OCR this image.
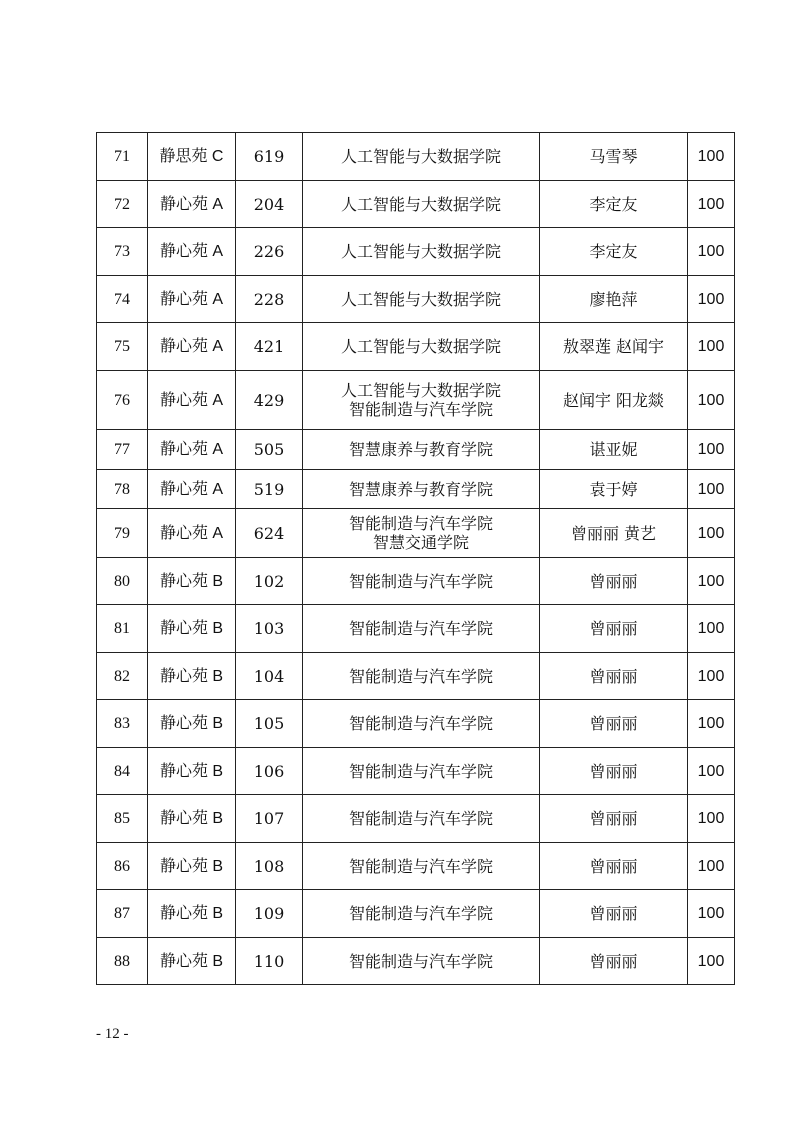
71	静思苑 C	619	人工智能与大数据学院	马雪琴	100
72	静心苑 A	204	人工智能与大数据学院	李定友	100
73	静心苑 A	226	人工智能与大数据学院	李定友	100
74	静心苑 A	228	人工智能与大数据学院	廖艳萍	100
75	静心苑 A	421	人工智能与大数据学院	敖翠莲 赵闻宇	100
76	静心苑 A	429	人工智能与大数据学院
智能制造与汽车学院	赵闻宇 阳龙燚	100
77	静心苑 A	505	智慧康养与教育学院	谌亚妮	100
78	静心苑 A	519	智慧康养与教育学院	袁于婷	100
79	静心苑 A	624	智能制造与汽车学院
智慧交通学院	曾丽丽 黄艺	100
80	静心苑 B	102	智能制造与汽车学院	曾丽丽	100
81	静心苑 B	103	智能制造与汽车学院	曾丽丽	100
82	静心苑 B	104	智能制造与汽车学院	曾丽丽	100
83	静心苑 B	105	智能制造与汽车学院	曾丽丽	100
84	静心苑 B	106	智能制造与汽车学院	曾丽丽	100
85	静心苑 B	107	智能制造与汽车学院	曾丽丽	100
86	静心苑 B	108	智能制造与汽车学院	曾丽丽	100
87	静心苑 B	109	智能制造与汽车学院	曾丽丽	100
88	静心苑 B	110	智能制造与汽车学院	曾丽丽	100
- 12 -
